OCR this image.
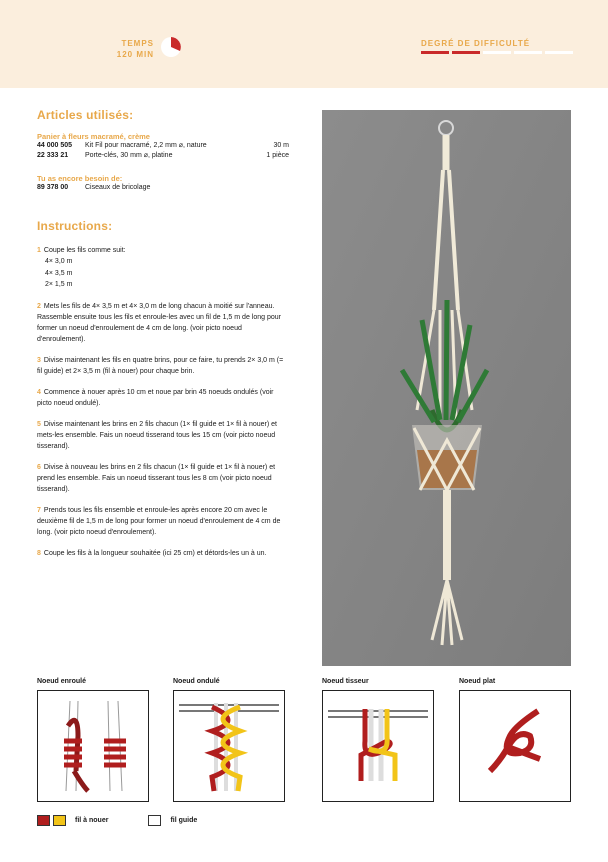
TEMPS
120 MIN
DEGRÉ DE DIFFICULTÉ
Articles utilisés:

Panier à fleurs macramé, crème

44 000 505	Kit Fil pour macramé, 2,2 mm ⌀, nature	30 m
22 333 21	Porte-clés, 30 mm ⌀, platine	1 pièce

Tu as encore besoin de:

89 378 00	Ciseaux de bricolage
Instructions:

1 Coupe les fils comme suit:

4× 3,0 m
4× 3,5 m
2× 1,5 m

2 Mets les fils de 4× 3,5 m et 4× 3,0 m de long chacun à moitié sur l'anneau. Rassemble ensuite tous les fils et enroule-les avec un fil de 1,5 m de long pour former un noeud d'enroulement de 4 cm de long. (voir picto noeud d'enroulement).

3 Divise maintenant les fils en quatre brins, pour ce faire, tu prends 2× 3,0 m (= fil guide) et 2× 3,5 m (fil à nouer) pour chaque brin.

4 Commence à nouer après 10 cm et noue par brin 45 noeuds ondulés (voir picto noeud ondulé).

5 Divise maintenant les brins en 2 fils chacun (1× fil guide et 1× fil à nouer) et mets-les ensemble. Fais un noeud tisserand tous les 15 cm (voir picto noeud tisserand).

6 Divise à nouveau les brins en 2 fils chacun (1× fil guide et 1× fil à nouer) et prend les ensemble. Fais un noeud tisserant tous les 8 cm (voir picto noeud tisserand).

7 Prends tous les fils ensemble et enroule-les après encore 20 cm avec le deuxième fil de 1,5 m de long pour former un noeud d'enroulement de 4 cm de long. (voir picto noeud d'enroulement).

8 Coupe les fils à la longueur souhaitée (ici 25 cm) et détords-les un à un.

Noeud enroulé	Noeud ondulé	Noeud tisseur	Noeud plat
fil à nouer	fil guide
